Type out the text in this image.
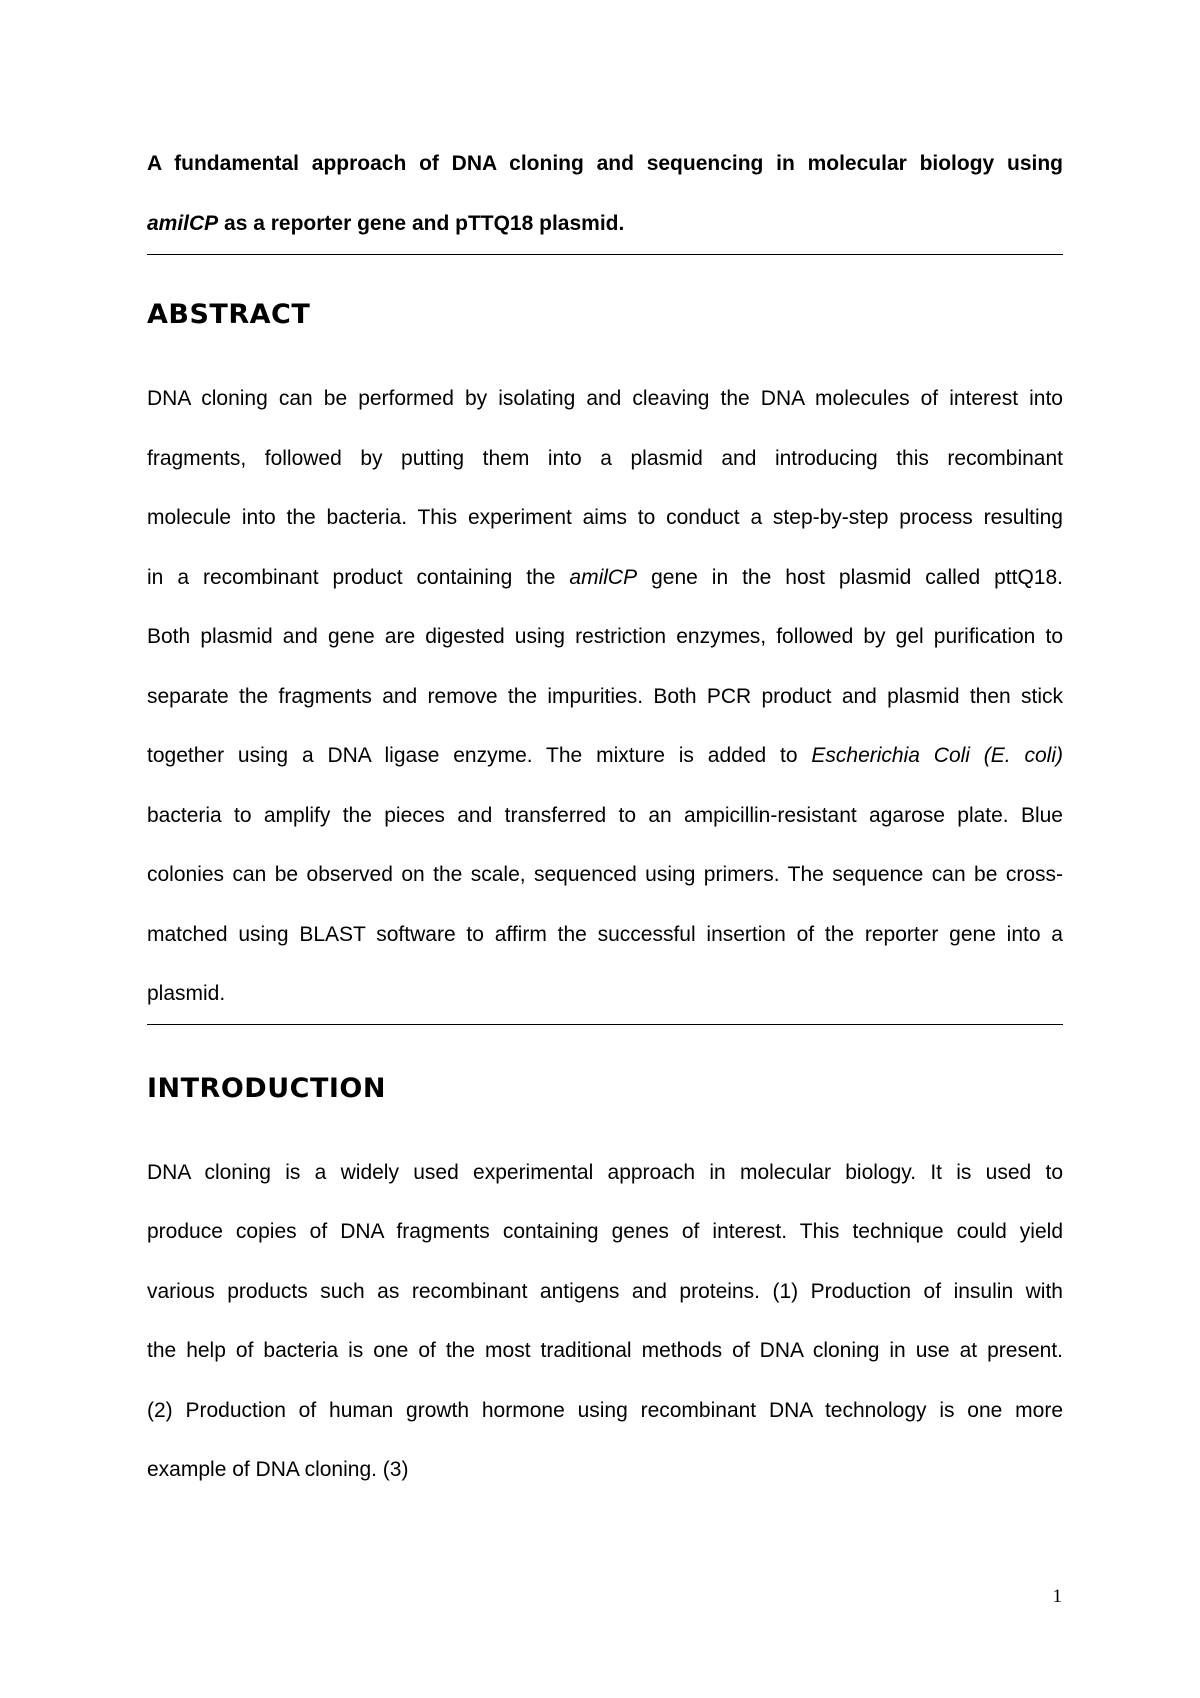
A fundamental approach of DNA cloning and sequencing in molecular biology using
amilCP as a reporter gene and pTTQ18 plasmid.
ABSTRACT
DNA cloning can be performed by isolating and cleaving the DNA molecules of interest into
fragments, followed by putting them into a plasmid and introducing this recombinant
molecule into the bacteria. This experiment aims to conduct a step-by-step process resulting
in a recombinant product containing the amilCP gene in the host plasmid called pttQ18.
Both plasmid and gene are digested using restriction enzymes, followed by gel purification to
separate the fragments and remove the impurities. Both PCR product and plasmid then stick
together using a DNA ligase enzyme. The mixture is added to Escherichia Coli (E. coli)
bacteria to amplify the pieces and transferred to an ampicillin-resistant agarose plate. Blue
colonies can be observed on the scale, sequenced using primers. The sequence can be cross-
matched using BLAST software to affirm the successful insertion of the reporter gene into a
plasmid.
INTRODUCTION
DNA cloning is a widely used experimental approach in molecular biology. It is used to
produce copies of DNA fragments containing genes of interest. This technique could yield
various products such as recombinant antigens and proteins. (1) Production of insulin with
the help of bacteria is one of the most traditional methods of DNA cloning in use at present.
(2) Production of human growth hormone using recombinant DNA technology is one more
example of DNA cloning. (3)
1
